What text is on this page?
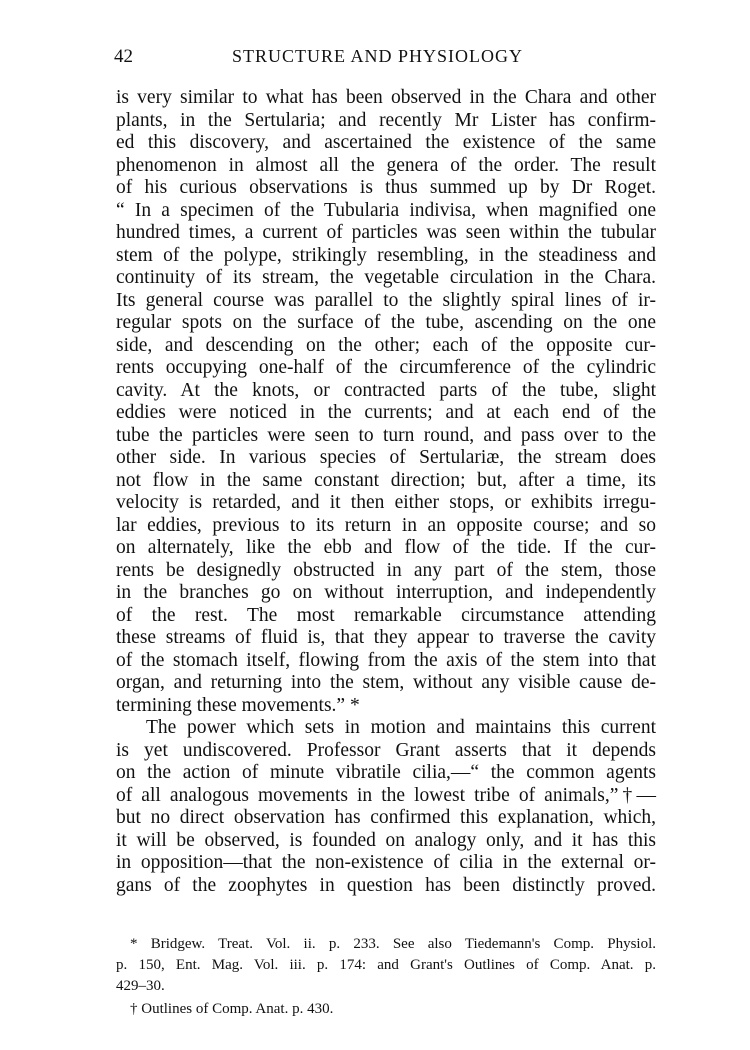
42	STRUCTURE AND PHYSIOLOGY
is very similar to what has been observed in the Chara and other
plants, in the Sertularia; and recently Mr Lister has confirm-
ed this discovery, and ascertained the existence of the same
phenomenon in almost all the genera of the order. The result
of his curious observations is thus summed up by Dr Roget.
“ In a specimen of the Tubularia indivisa, when magnified one
hundred times, a current of particles was seen within the tubular
stem of the polype, strikingly resembling, in the steadiness and
continuity of its stream, the vegetable circulation in the Chara.
Its general course was parallel to the slightly spiral lines of ir-
regular spots on the surface of the tube, ascending on the one
side, and descending on the other; each of the opposite cur-
rents occupying one-half of the circumference of the cylindric
cavity. At the knots, or contracted parts of the tube, slight
eddies were noticed in the currents; and at each end of the
tube the particles were seen to turn round, and pass over to the
other side. In various species of Sertulariæ, the stream does
not flow in the same constant direction; but, after a time, its
velocity is retarded, and it then either stops, or exhibits irregu-
lar eddies, previous to its return in an opposite course; and so
on alternately, like the ebb and flow of the tide. If the cur-
rents be designedly obstructed in any part of the stem, those
in the branches go on without interruption, and independently
of the rest. The most remarkable circumstance attending
these streams of fluid is, that they appear to traverse the cavity
of the stomach itself, flowing from the axis of the stem into that
organ, and returning into the stem, without any visible cause de-
termining these movements.” *
The power which sets in motion and maintains this current
is yet undiscovered. Professor Grant asserts that it depends
on the action of minute vibratile cilia,—“ the common agents
of all analogous movements in the lowest tribe of animals,”†—
but no direct observation has confirmed this explanation, which,
it will be observed, is founded on analogy only, and it has this
in opposition—that the non-existence of cilia in the external or-
gans of the zoophytes in question has been distinctly proved.
* Bridgew. Treat. Vol. ii. p. 233. See also Tiedemann's Comp. Physiol.
p. 150, Ent. Mag. Vol. iii. p. 174: and Grant's Outlines of Comp. Anat. p.
429–30.
† Outlines of Comp. Anat. p. 430.
